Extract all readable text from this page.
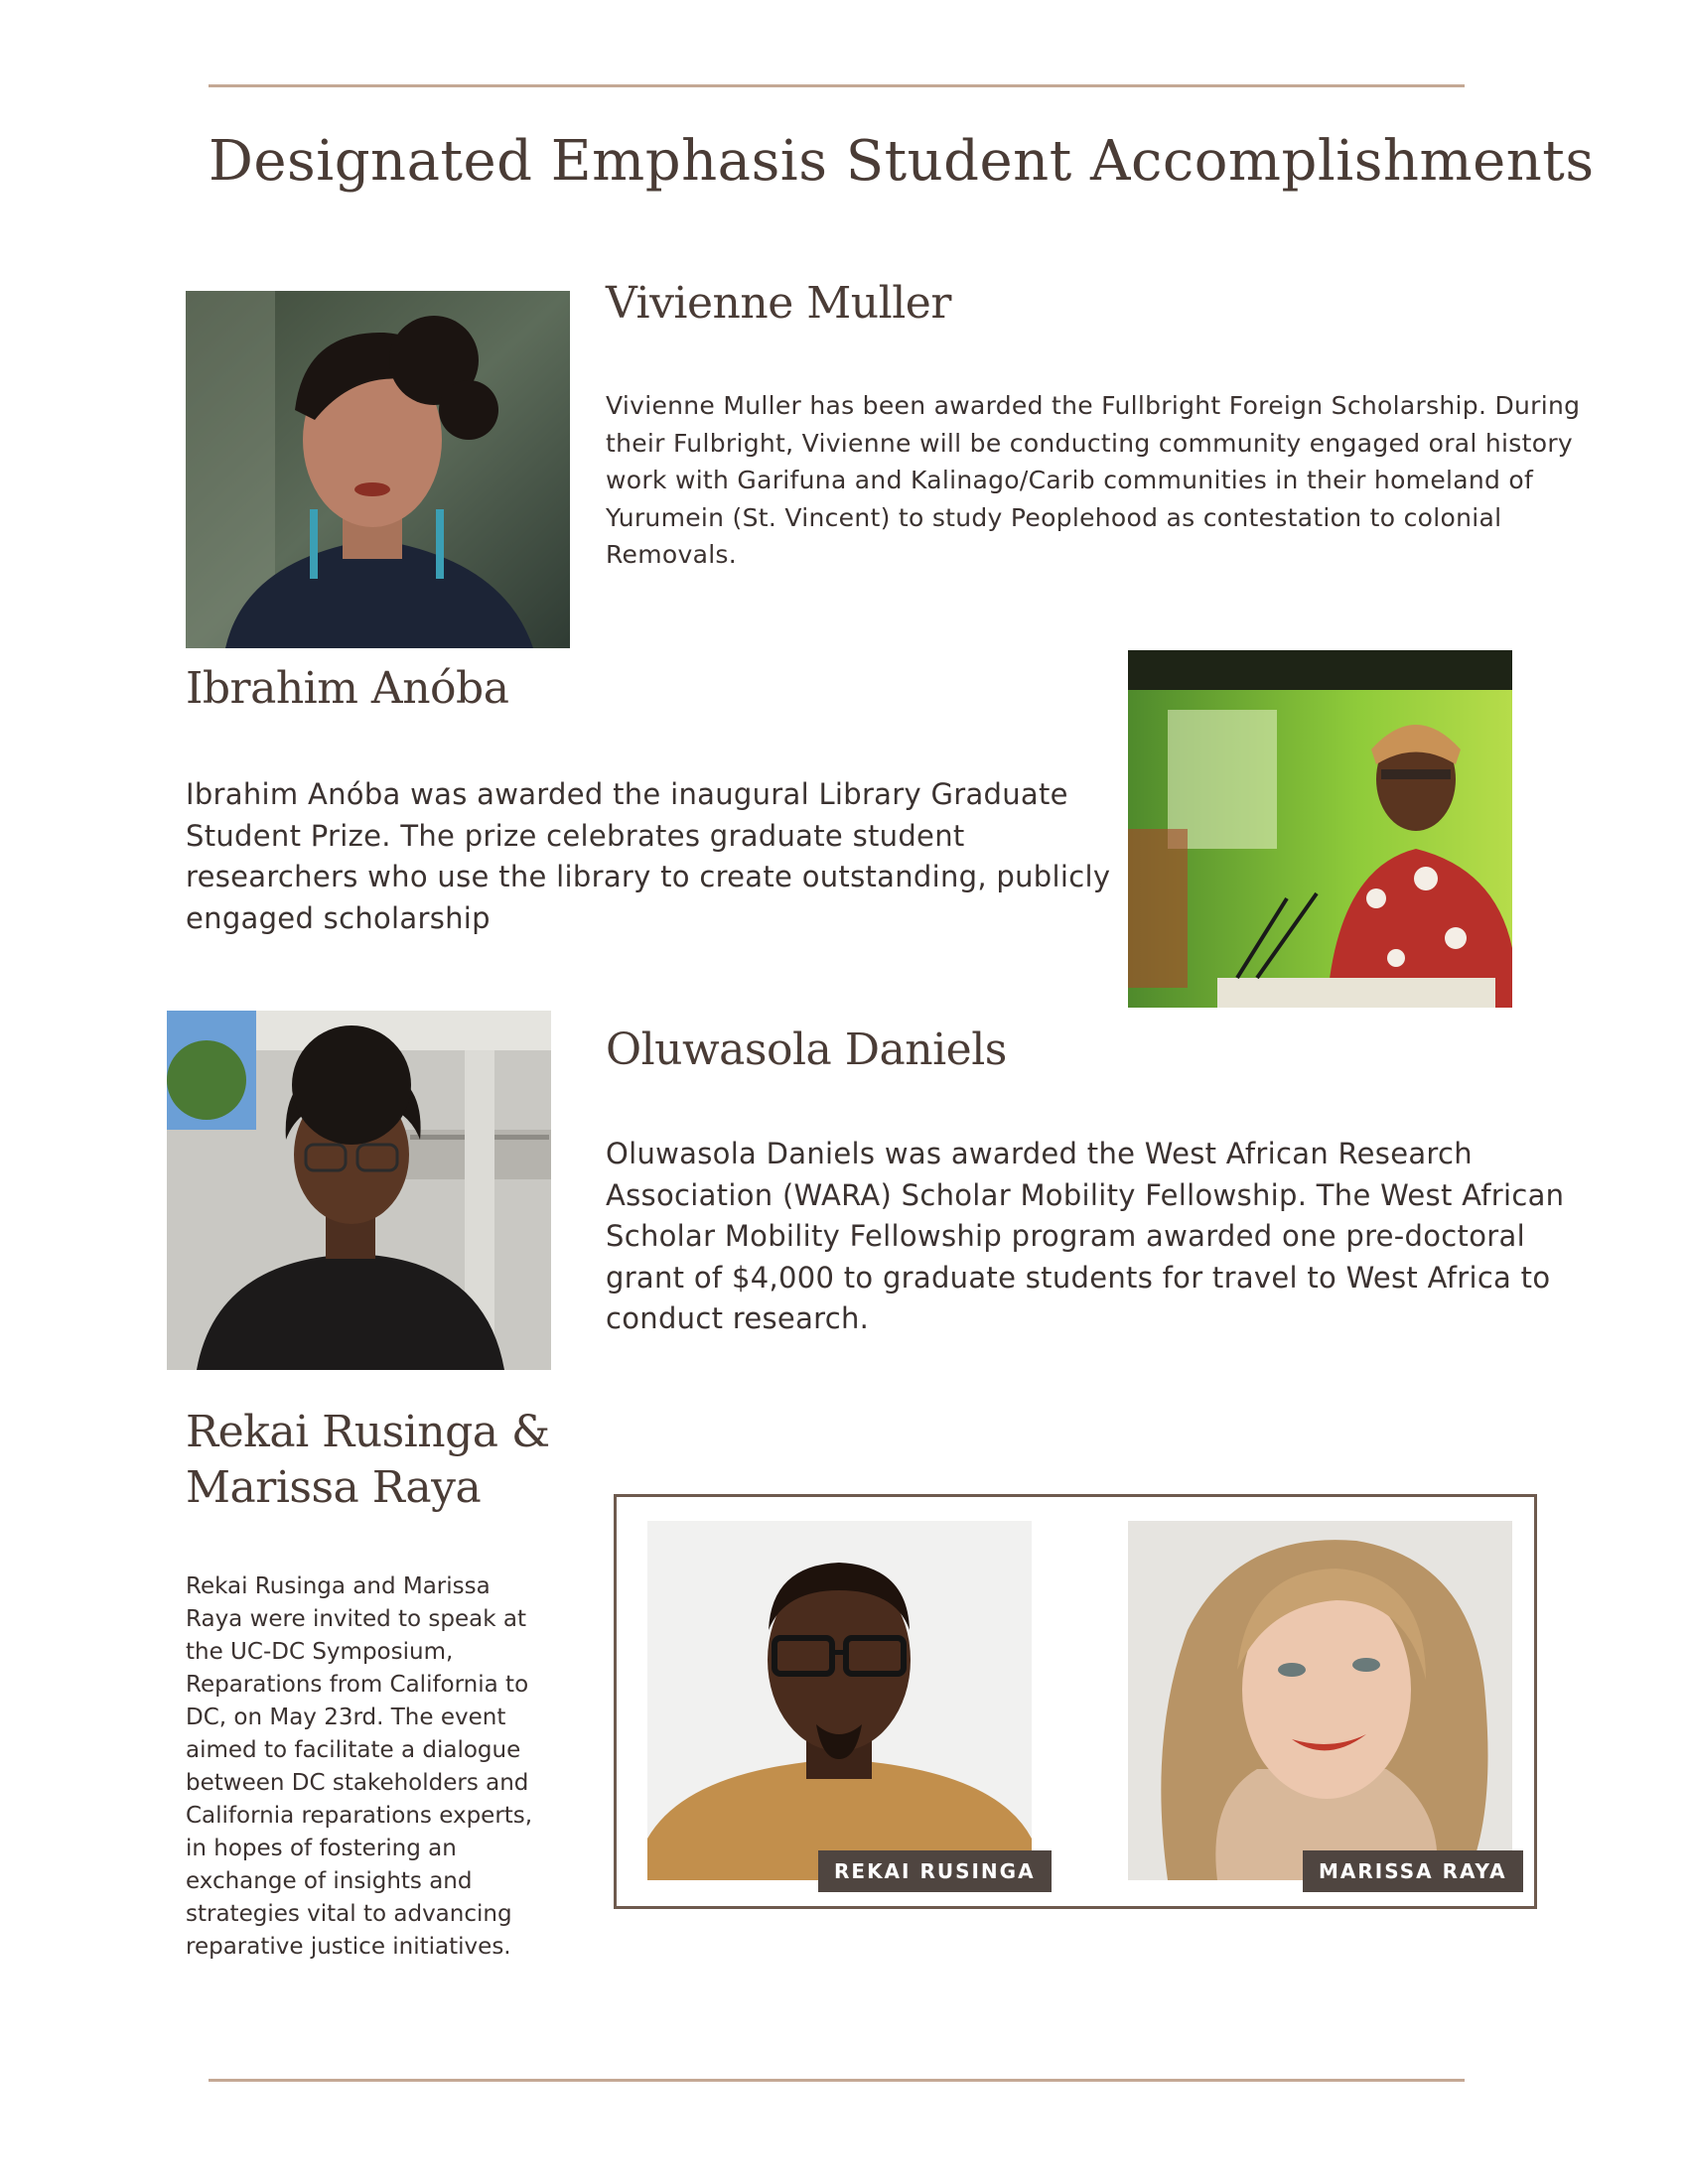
Designated Emphasis Student Accomplishments
Vivienne Muller

Vivienne Muller has been awarded the Fullbright Foreign Scholarship. During their Fulbright, Vivienne will be conducting community engaged oral history work with Garifuna and Kalinago/Carib communities in their homeland of Yurumein (St. Vincent) to study Peoplehood as contestation to colonial Removals.

Ibrahim Anóba

Ibrahim Anóba was awarded the inaugural Library Graduate Student Prize. The prize celebrates graduate student researchers who use the library to create outstanding, publicly engaged scholarship

Oluwasola Daniels

Oluwasola Daniels was awarded the West African Research Association (WARA) Scholar Mobility Fellowship. The West African Scholar Mobility Fellowship program awarded one pre-doctoral grant of $4,000 to graduate students for travel to West Africa to conduct research.

Rekai Rusinga &
Marissa Raya

Rekai Rusinga and Marissa Raya were invited to speak at the UC-DC Symposium, Reparations from California to DC, on May 23rd. The event aimed to facilitate a dialogue between DC stakeholders and California reparations experts, in hopes of fostering an exchange of insights and strategies vital to advancing reparative justice initiatives.

REKAI RUSINGA	MARISSA RAYA
